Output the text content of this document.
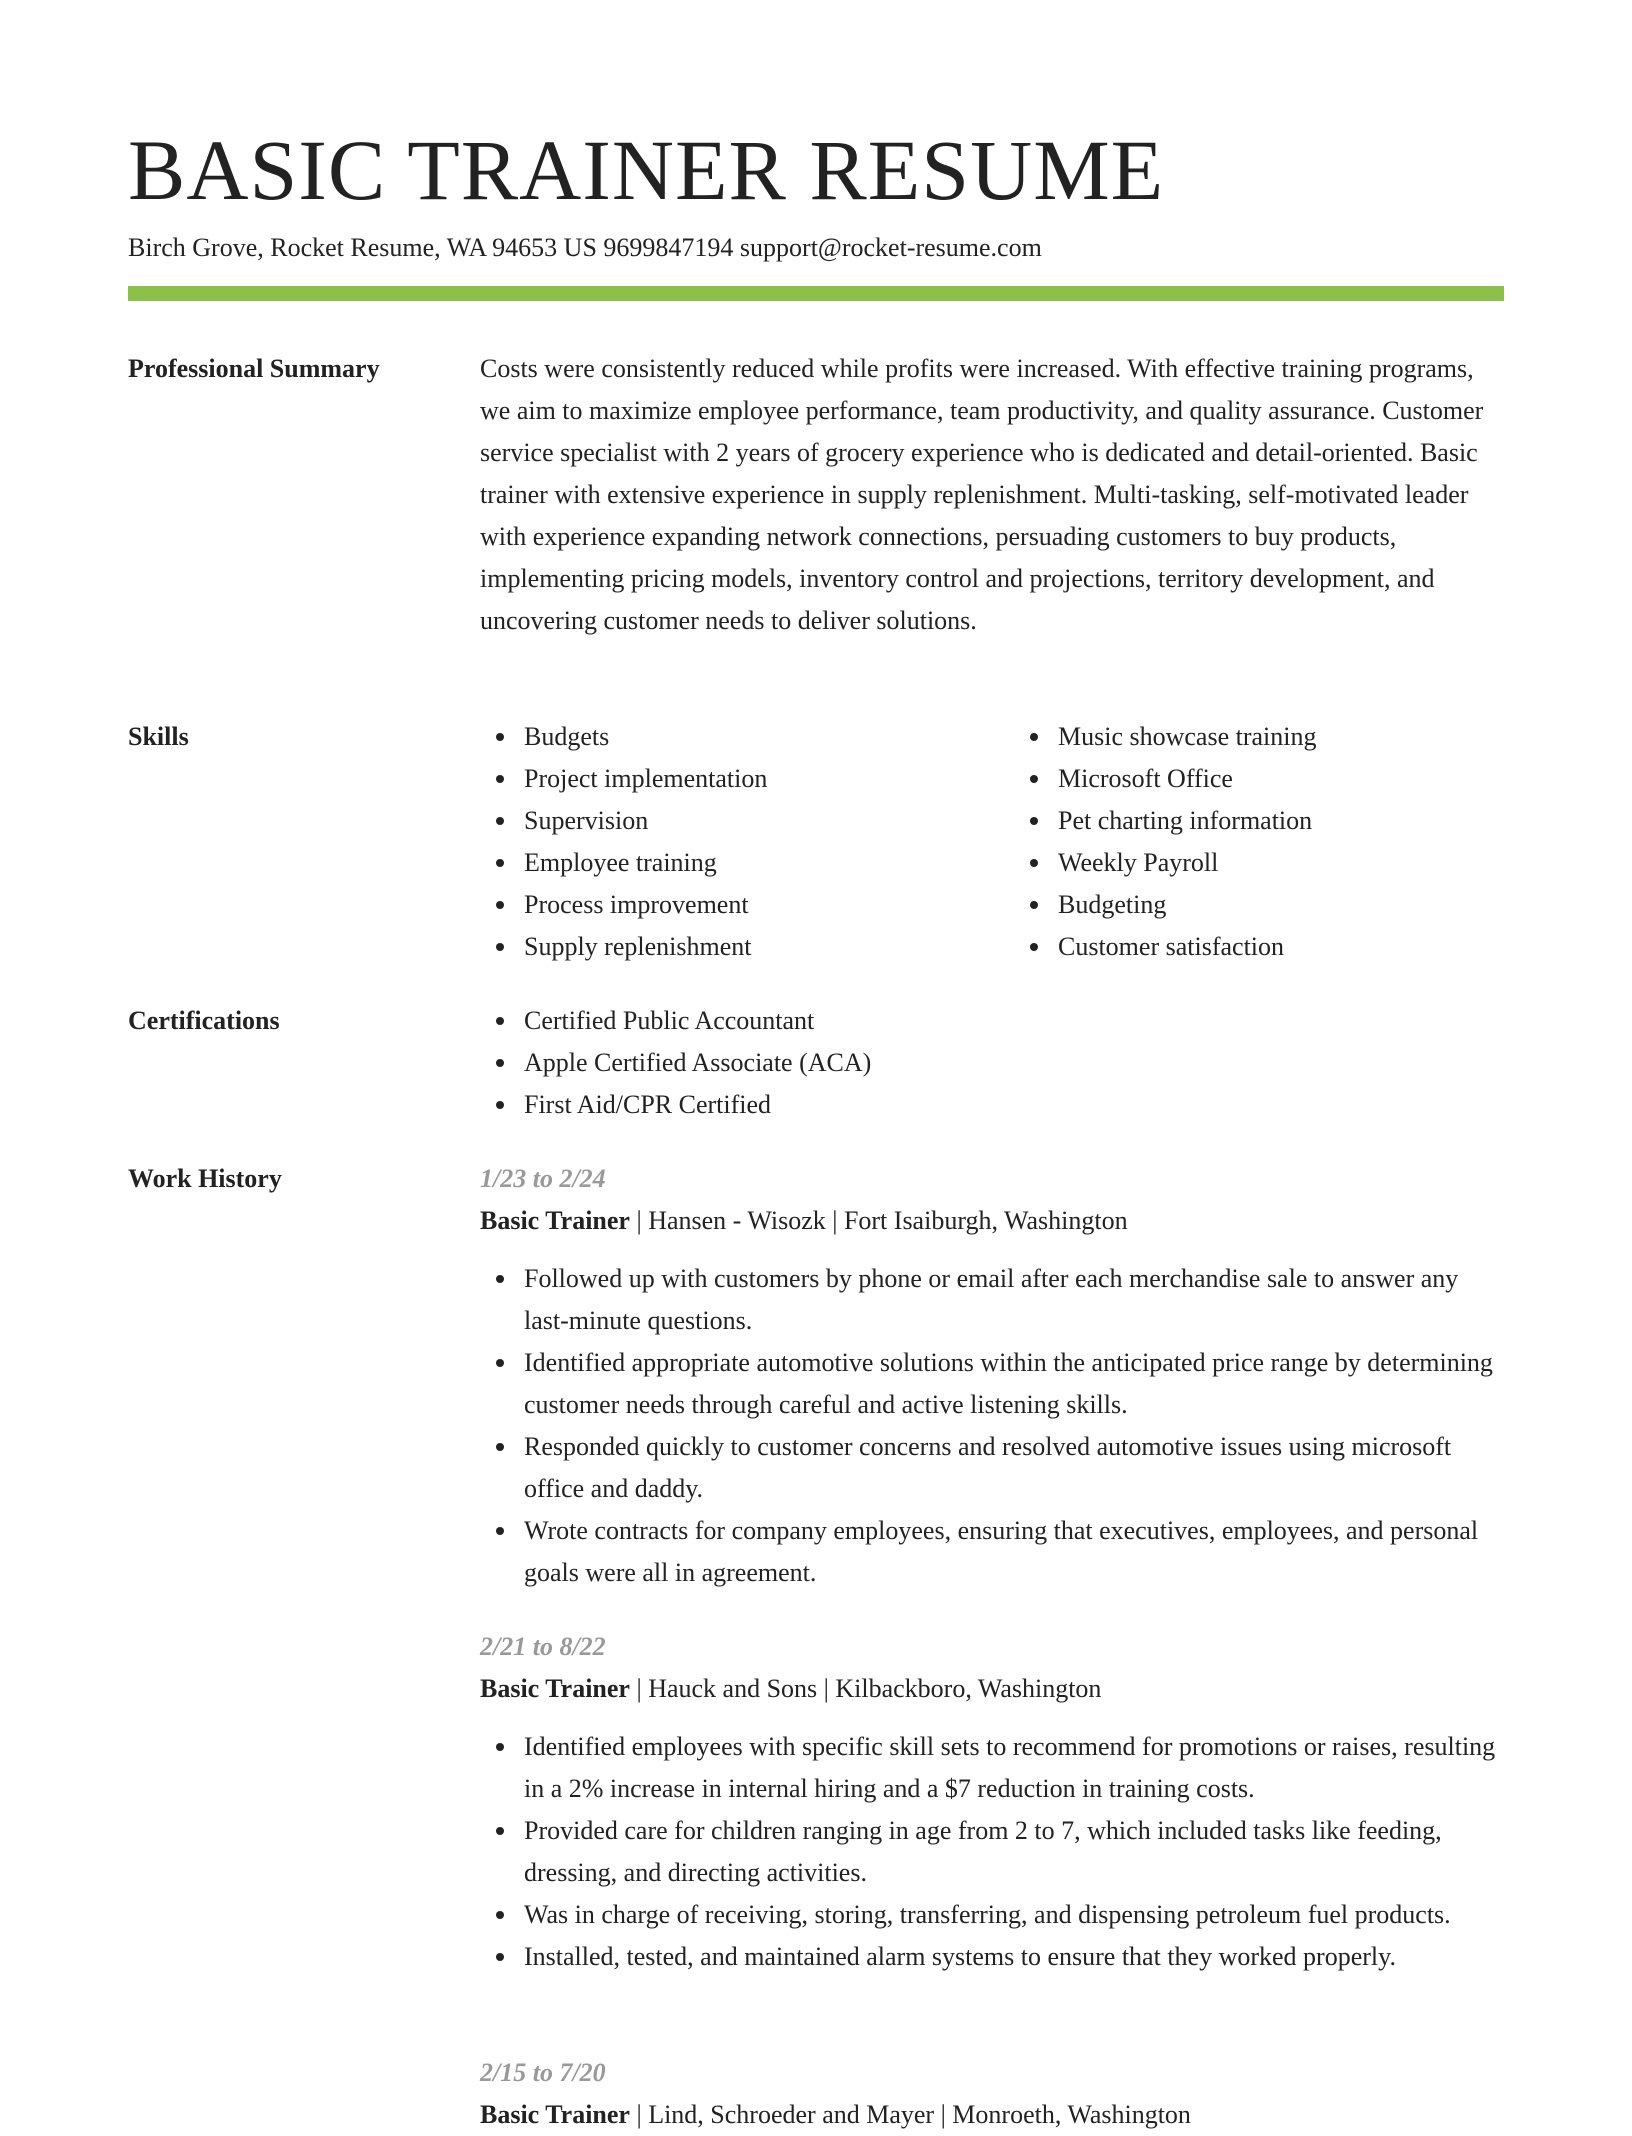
BASIC TRAINER RESUME
Birch Grove, Rocket Resume, WA 94653 US 9699847194 support@rocket-resume.com
Professional Summary	Costs were consistently reduced while profits were increased. With effective training programs, we aim to maximize employee performance, team productivity, and quality assurance. Customer service specialist with 2 years of grocery experience who is dedicated and detail-oriented. Basic trainer with extensive experience in supply replenishment. Multi-tasking, self-motivated leader with experience expanding network connections, persuading customers to buy products, implementing pricing models, inventory control and projections, territory development, and uncovering customer needs to deliver solutions.

Skills	Budgets
Project implementation
Supervision
Employee training
Process improvement
Supply replenishment
Music showcase training
Microsoft Office
Pet charting information
Weekly Payroll
Budgeting
Customer satisfaction
Certifications	Certified Public Accountant
Apple Certified Associate (ACA)
First Aid/CPR Certified
Work History	1/23 to 2/24
Basic Trainer | Hansen - Wisozk | Fort Isaiburgh, Washington
Followed up with customers by phone or email after each merchandise sale to answer any last-minute questions.
Identified appropriate automotive solutions within the anticipated price range by determining customer needs through careful and active listening skills.
Responded quickly to customer concerns and resolved automotive issues using microsoft office and daddy.
Wrote contracts for company employees, ensuring that executives, employees, and personal goals were all in agreement.
2/21 to 8/22
Basic Trainer | Hauck and Sons | Kilbackboro, Washington
Identified employees with specific skill sets to recommend for promotions or raises, resulting in a 2% increase in internal hiring and a $7 reduction in training costs.
Provided care for children ranging in age from 2 to 7, which included tasks like feeding, dressing, and directing activities.
Was in charge of receiving, storing, transferring, and dispensing petroleum fuel products.
Installed, tested, and maintained alarm systems to ensure that they worked properly.
2/15 to 7/20
Basic Trainer | Lind, Schroeder and Mayer | Monroeth, Washington
